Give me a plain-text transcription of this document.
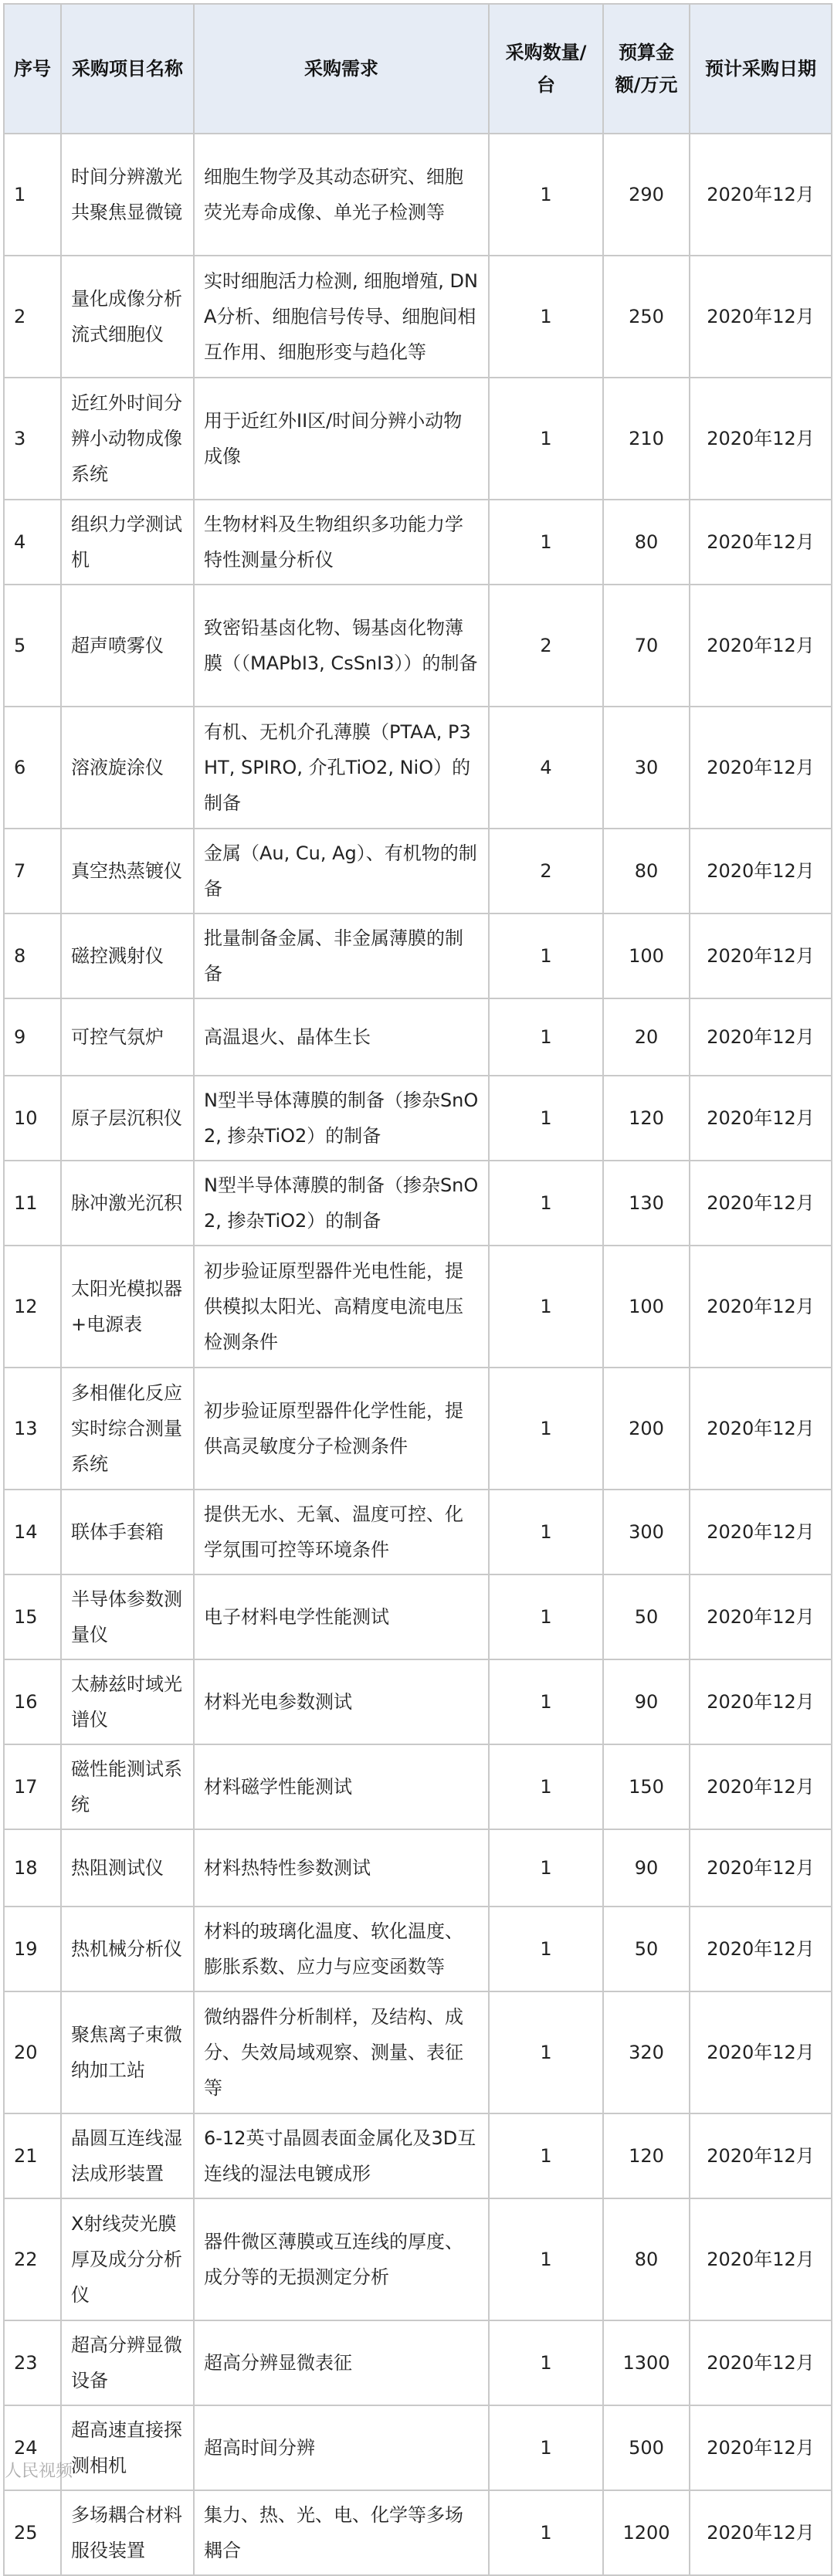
序号	采购项目名称	采购需求	采购数量/台	预算金额/万元	预计采购日期
1	时间分辨激光共聚焦显微镜	细胞生物学及其动态研究、细胞荧光寿命成像、单光子检测等	1	290	2020年12月
2	量化成像分析流式细胞仪	实时细胞活力检测, 细胞增殖, DNA分析、细胞信号传导、细胞间相互作用、细胞形变与趋化等	1	250	2020年12月
3	近红外时间分辨小动物成像系统	用于近红外II区/时间分辨小动物成像	1	210	2020年12月
4	组织力学测试机	生物材料及生物组织多功能力学特性测量分析仪	1	80	2020年12月
5	超声喷雾仪	致密铅基卤化物、锡基卤化物薄膜（（MAPbI3, CsSnI3））的制备	2	70	2020年12月
6	溶液旋涂仪	有机、无机介孔薄膜（PTAA, P3HT, SPIRO, 介孔TiO2, NiO）的制备	4	30	2020年12月
7	真空热蒸镀仪	金属（Au, Cu, Ag）、有机物的制备	2	80	2020年12月
8	磁控溅射仪	批量制备金属、非金属薄膜的制备	1	100	2020年12月
9	可控气氛炉	高温退火、晶体生长	1	20	2020年12月
10	原子层沉积仪	N型半导体薄膜的制备（掺杂SnO2, 掺杂TiO2）的制备	1	120	2020年12月
11	脉冲激光沉积	N型半导体薄膜的制备（掺杂SnO2, 掺杂TiO2）的制备	1	130	2020年12月
12	太阳光模拟器+电源表	初步验证原型器件光电性能，提供模拟太阳光、高精度电流电压检测条件	1	100	2020年12月
13	多相催化反应实时综合测量系统	初步验证原型器件化学性能，提供高灵敏度分子检测条件	1	200	2020年12月
14	联体手套箱	提供无水、无氧、温度可控、化学氛围可控等环境条件	1	300	2020年12月
15	半导体参数测量仪	电子材料电学性能测试	1	50	2020年12月
16	太赫兹时域光谱仪	材料光电参数测试	1	90	2020年12月
17	磁性能测试系统	材料磁学性能测试	1	150	2020年12月
18	热阻测试仪	材料热特性参数测试	1	90	2020年12月
19	热机械分析仪	材料的玻璃化温度、软化温度、膨胀系数、应力与应变函数等	1	50	2020年12月
20	聚焦离子束微纳加工站	微纳器件分析制样，及结构、成分、失效局域观察、测量、表征等	1	320	2020年12月
21	晶圆互连线湿法成形装置	6-12英寸晶圆表面金属化及3D互连线的湿法电镀成形	1	120	2020年12月
22	X射线荧光膜厚及成分分析仪	器件微区薄膜或互连线的厚度、成分等的无损测定分析	1	80	2020年12月
23	超高分辨显微设备	超高分辨显微表征	1	1300	2020年12月
24	超高速直接探测相机	超高时间分辨	1	500	2020年12月
25	多场耦合材料服役装置	集力、热、光、电、化学等多场耦合	1	1200	2020年12月
人民视频
